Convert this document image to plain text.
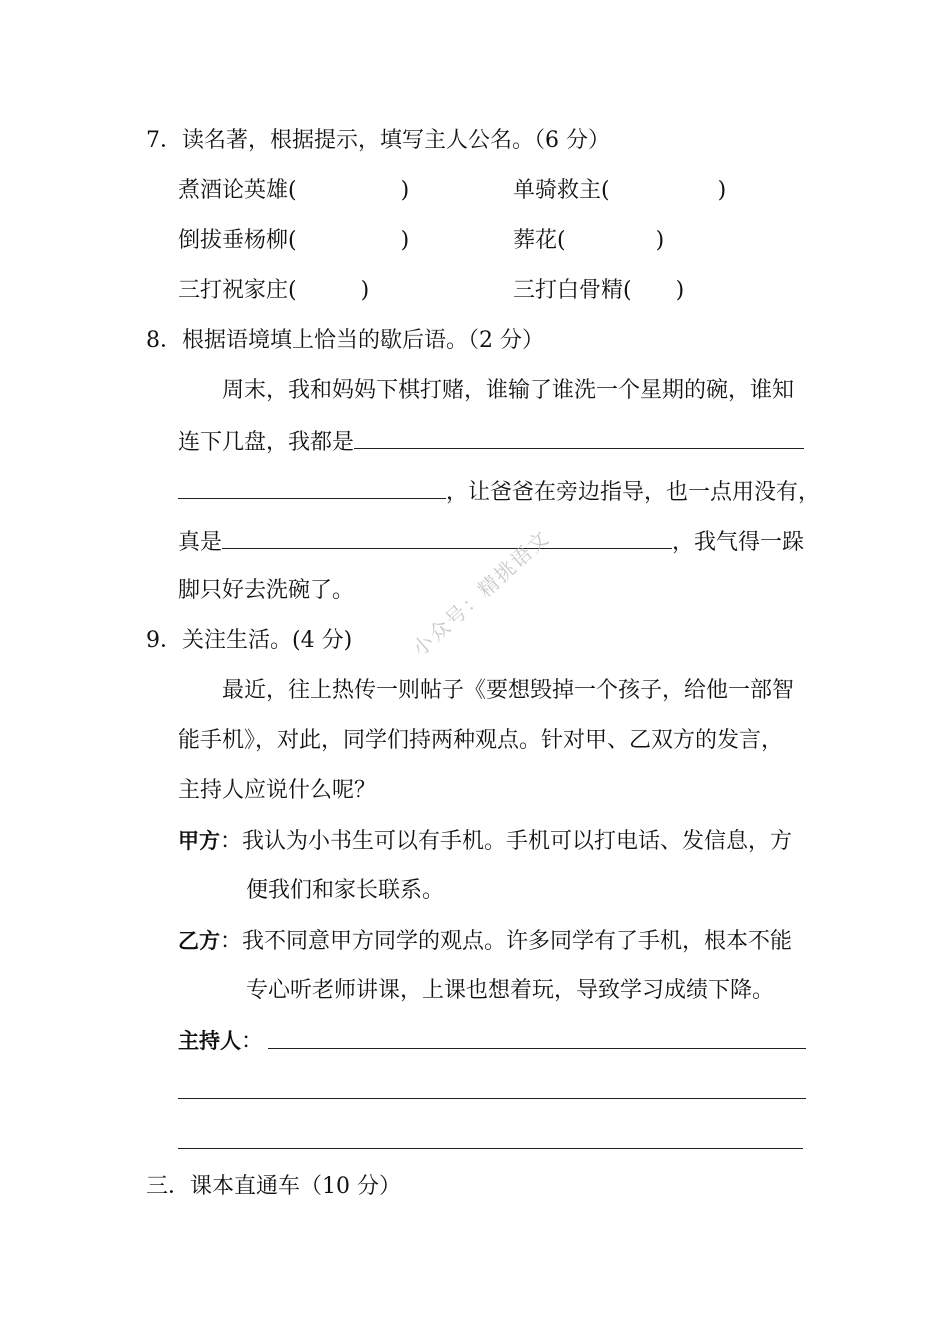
7．读名著，根据提示，填写主人公名。（6 分）
煮酒论英雄(	)	单骑救主(	)
倒拔垂杨柳(	)	葬花(	)
三打祝家庄(	)	三打白骨精( )
8．根据语境填上恰当的歇后语。（2 分）
周末，我和妈妈下棋打赌，谁输了谁洗一个星期的碗，谁知
连下几盘，我都是
，让爸爸在旁边指导，也一点用没有，
真是	，我气得一跺
脚只好去洗碗了。
9．关注生活。(4 分)
最近，往上热传一则帖子《要想毁掉一个孩子，给他一部智
能手机》，对此，同学们持两种观点。针对甲、乙双方的发言，
主持人应说什么呢？
甲方：我认为小书生可以有手机。手机可以打电话、发信息，方
便我们和家长联系。
乙方：我不同意甲方同学的观点。许多同学有了手机，根本不能
专心听老师讲课，上课也想着玩，导致学习成绩下降。
主持人：
三．课本直通车（10 分）
小众号：精挑语文
